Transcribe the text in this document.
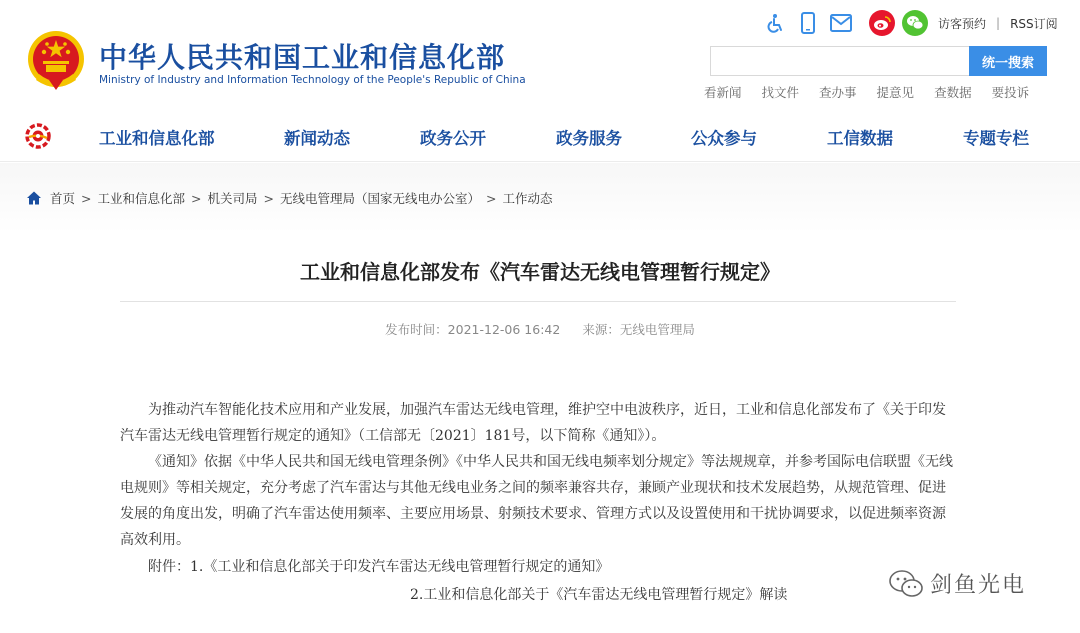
中华人民共和国工业和信息化部
Ministry of Industry and Information Technology of the People's Republic of China
访客预约 | RSS订阅
统一搜索
看新闻 找文件 查办事 提意见 查数据 要投诉
工业和信息化部	新闻动态	政务公开	政务服务	公众参与	工信数据	专题专栏
首页 > 工业和信息化部 > 机关司局 > 无线电管理局（国家无线电办公室） > 工作动态
工业和信息化部发布《汽车雷达无线电管理暂行规定》
发布时间：2021-12-06 16:42 来源：无线电管理局

为推动汽车智能化技术应用和产业发展，加强汽车雷达无线电管理，维护空中电波秩序，近日，工业和信息化部发布了《关于印发汽车雷达无线电管理暂行规定的通知》（工信部无〔2021〕181号，以下简称《通知》）。

《通知》依据《中华人民共和国无线电管理条例》《中华人民共和国无线电频率划分规定》等法规规章，并参考国际电信联盟《无线电规则》等相关规定，充分考虑了汽车雷达与其他无线电业务之间的频率兼容共存，兼顾产业现状和技术发展趋势，从规范管理、促进发展的角度出发，明确了汽车雷达使用频率、主要应用场景、射频技术要求、管理方式以及设置使用和干扰协调要求，以促进频率资源高效利用。

附件：1.《工业和信息化部关于印发汽车雷达无线电管理暂行规定的通知》
2.工业和信息化部关于《汽车雷达无线电管理暂行规定》解读	剑鱼光电
